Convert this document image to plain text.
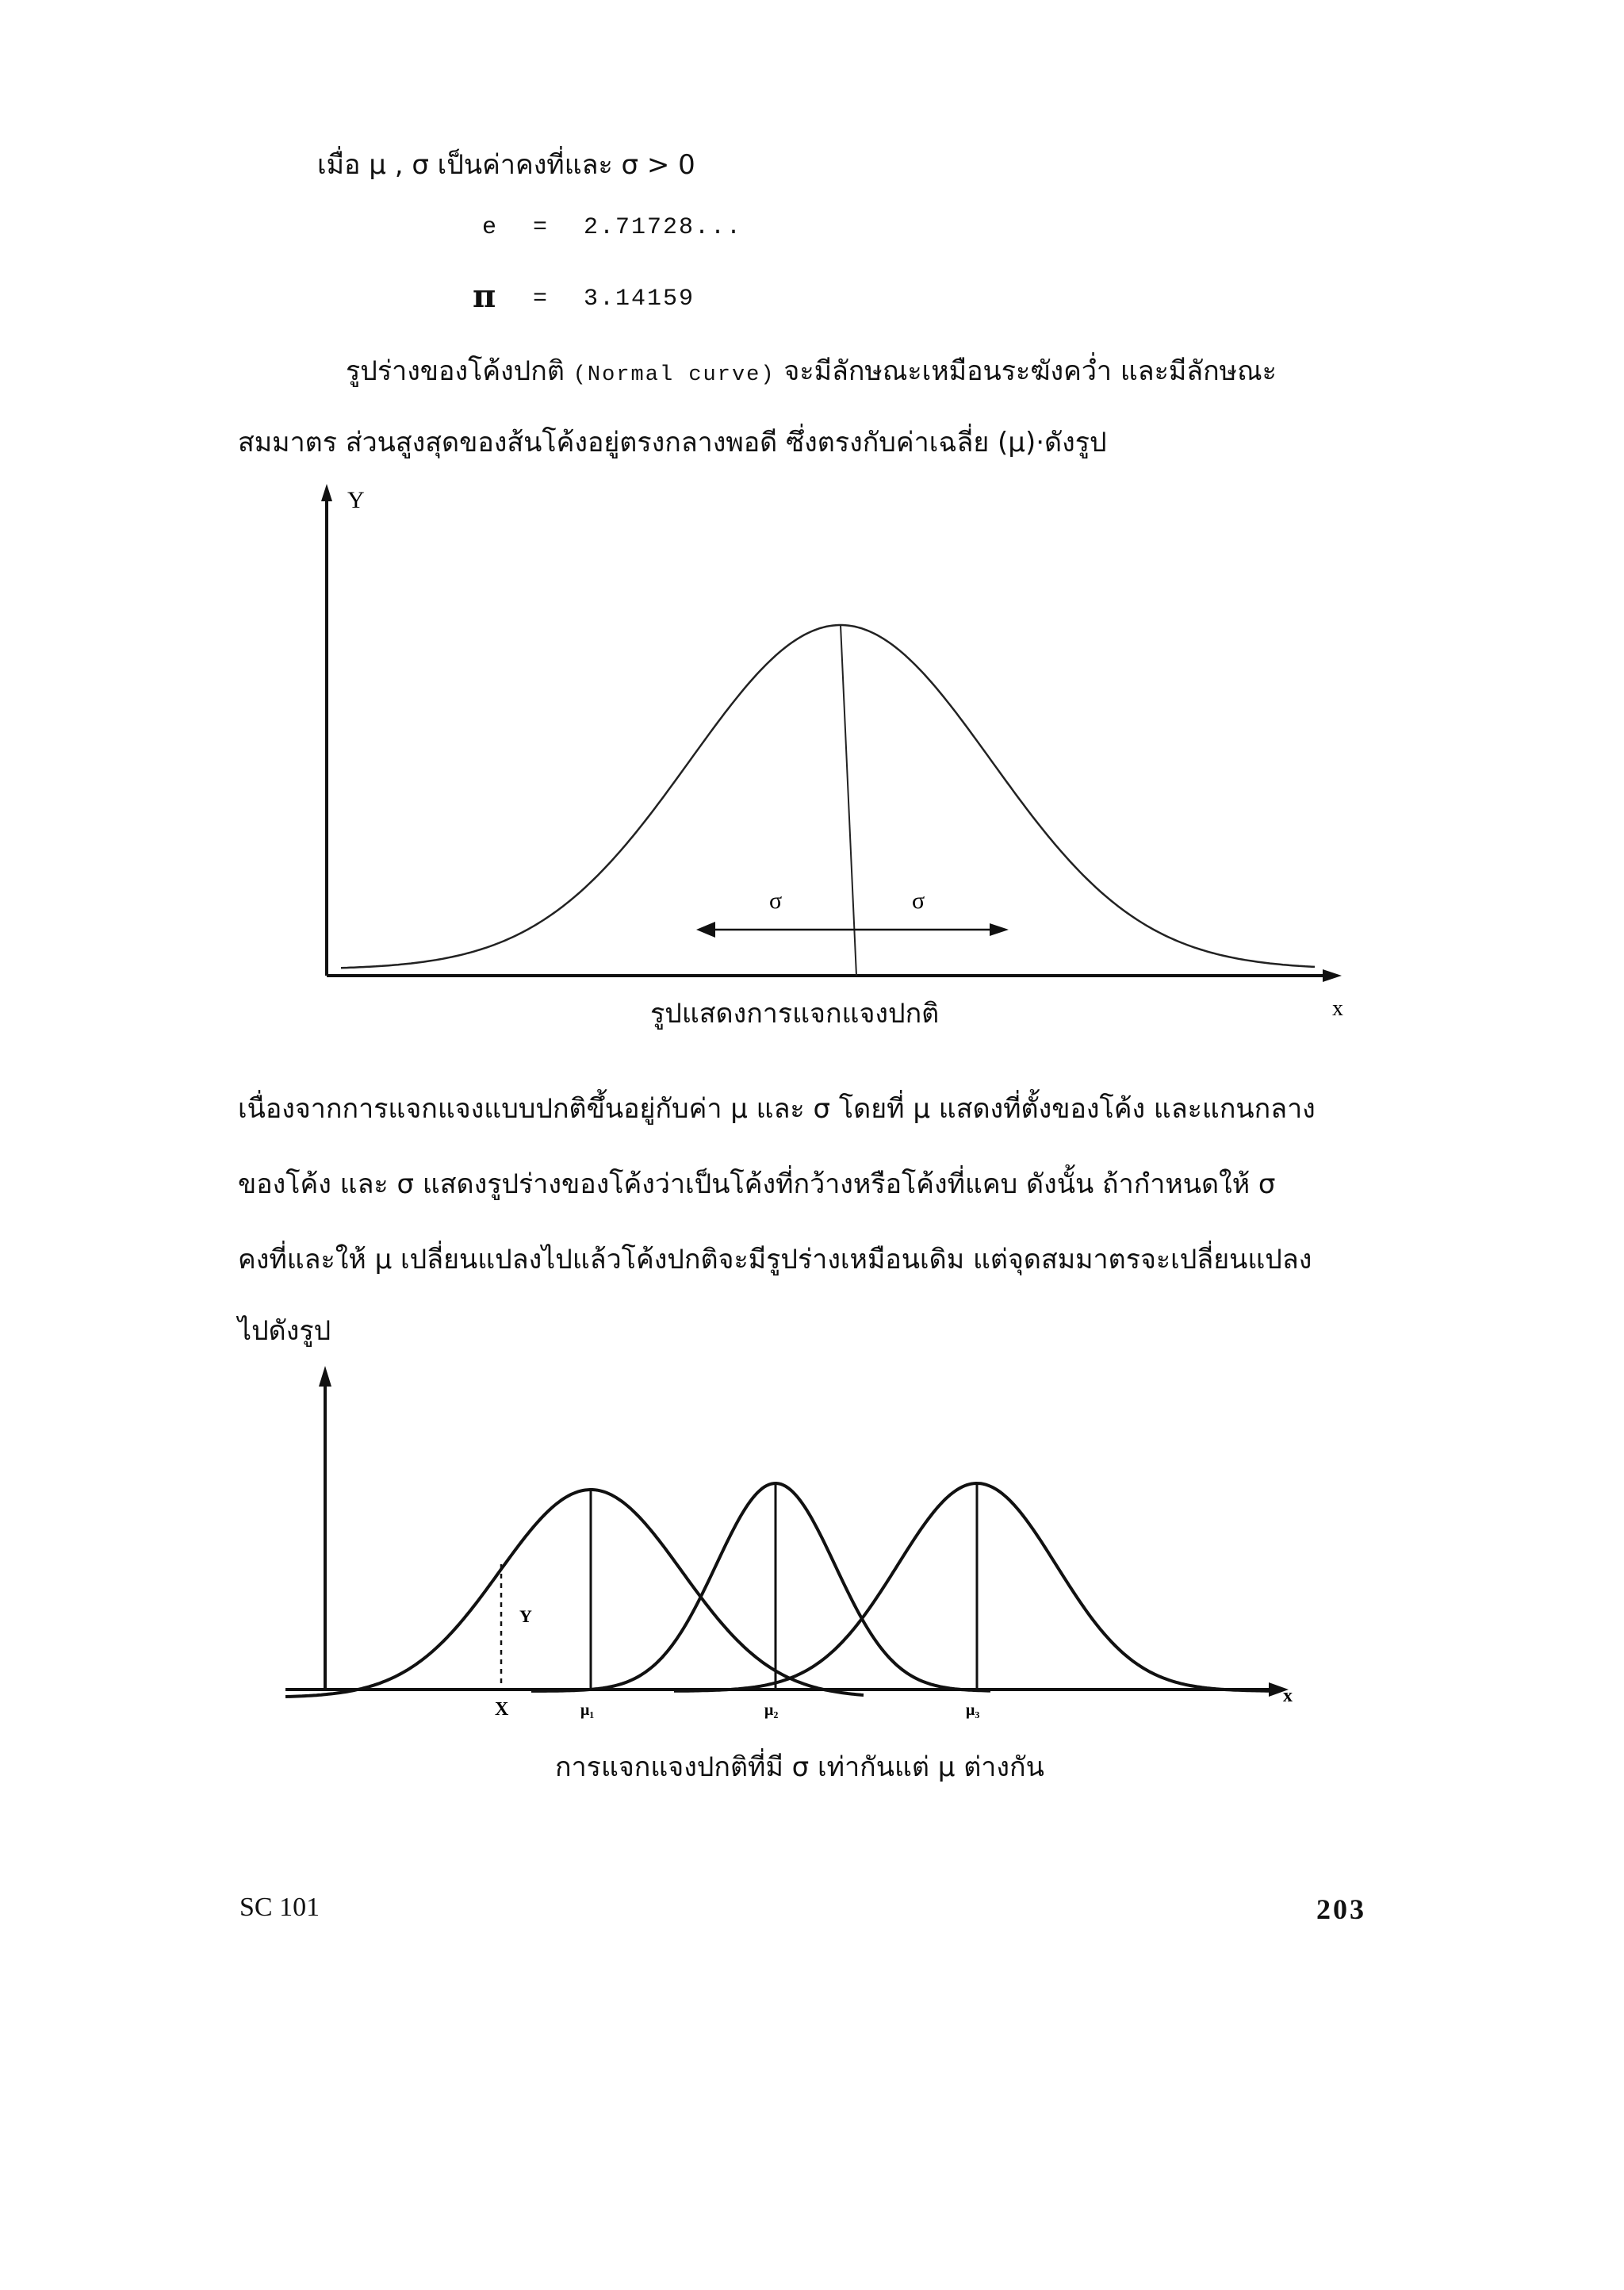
เมื่อ μ , σ เป็นค่าคงที่และ σ > 0
e = 2.71728...
π = 3.14159
รูปร่างของโค้งปกติ (Normal curve) จะมีลักษณะเหมือนระฆังคว่ำ และมีลักษณะ
สมมาตร ส่วนสูงสุดของส้นโค้งอยู่ตรงกลางพอดี ซึ่งตรงกับค่าเฉลี่ย (μ)·ดังรูป
Y
x
σ	σ
รูปแสดงการแจกแจงปกติ
เนื่องจากการแจกแจงแบบปกติขึ้นอยู่กับค่า μ และ σ โดยที่ μ แสดงที่ตั้งของโค้ง และแกนกลาง
ของโค้ง และ σ แสดงรูปร่างของโค้งว่าเป็นโค้งที่กว้างหรือโค้งที่แคบ ดังนั้น ถ้ากำหนดให้ σ
คงที่และให้ μ เปลี่ยนแปลงไปแล้วโค้งปกติจะมีรูปร่างเหมือนเดิม แต่จุดสมมาตรจะเปลี่ยนแปลง
ไปดังรูป
x
Y
X	μ₁	μ₂	μ₃
การแจกแจงปกติที่มี σ เท่ากันแต่ μ ต่างกัน
SC 101	203
